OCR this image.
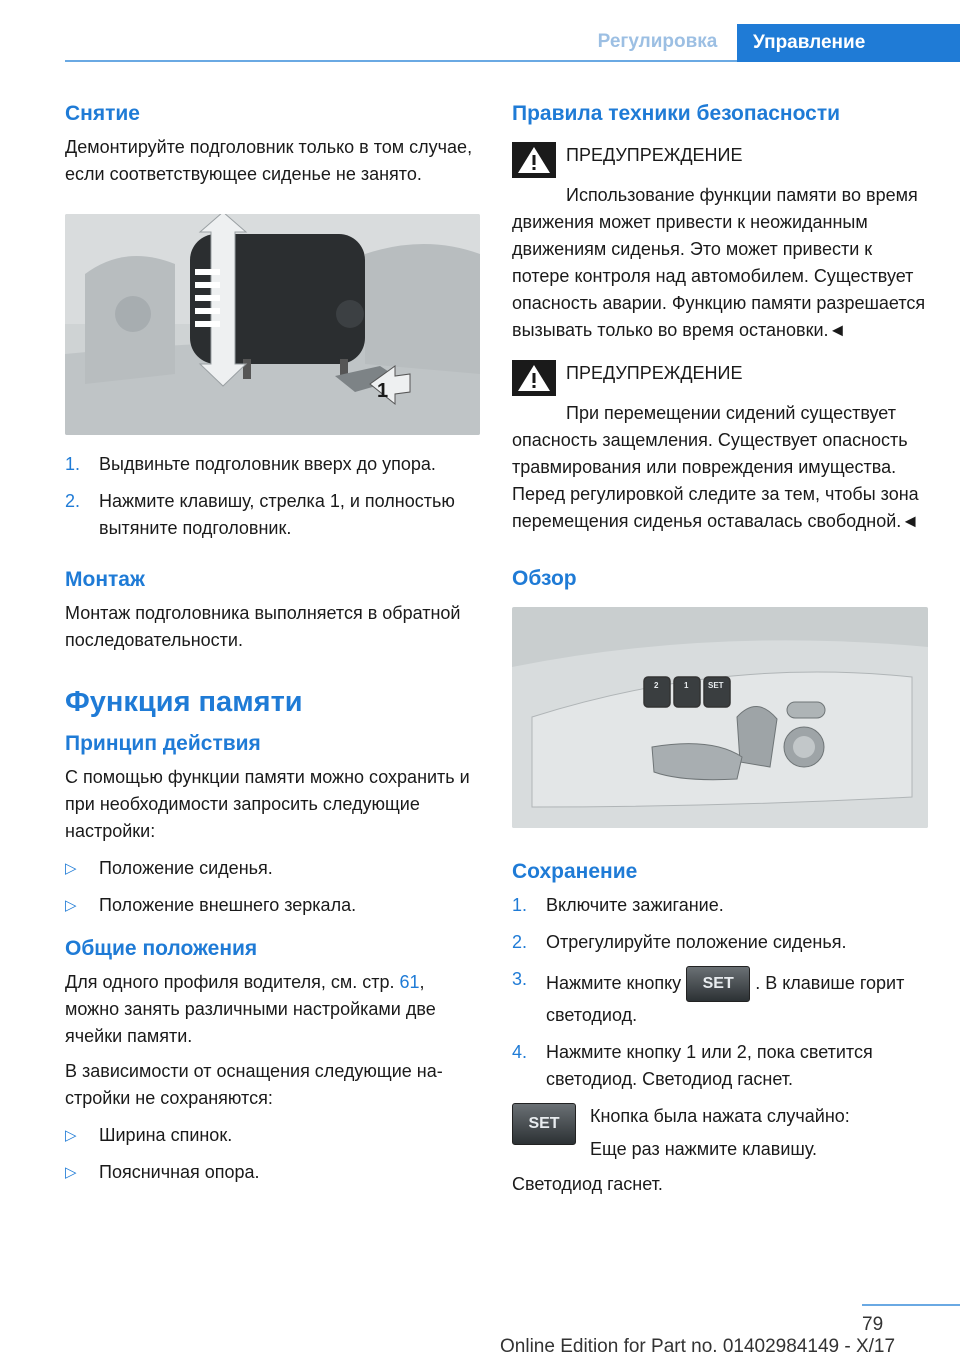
Регулировка	Управление
Снятие

Демонтируйте подголовник только в том случае, если соответствующее сиденье не занято.

1
1.	Выдвиньте подголовник вверх до упора.
2.	Нажмите клавишу, стрелка 1, и полностью вытяните подголовник.
Монтаж

Монтаж подголовника выполняется в обратной последовательности.

Функция памяти
Принцип действия

С помощью функции памяти можно сохранить и при необходимости запросить следующие настройки:

▷	Положение сиденья.
▷	Положение внешнего зеркала.
Общие положения

Для одного профиля водителя, см. стр. 61, можно занять различными настройками две ячейки памяти.

В зависимости от оснащения следующие настройки не сохраняются:

▷	Ширина спинок.
▷	Поясничная опора.
Правила техники безопасности

ПРЕДУПРЕЖДЕНИЕ

Использование функции памяти во время движения может привести к неожиданным движениям сиденья. Это может привести к потере контроля над автомобилем. Существует опасность аварии. Функцию памяти разрешается вызывать только во время остановки.◄

ПРЕДУПРЕЖДЕНИЕ

При перемещении сидений существует опасность защемления. Существует опасность травмирования или повреждения имущества. Перед регулировкой следите за тем, чтобы зона перемещения сиденья оставалась свободной.◄

Обзор
2	1 SET
Сохранение
1.	Включите зажигание.
2.	Отрегулируйте положение сиденья.
3.	Нажмите кнопку SET . В клавише горит светодиод.
4.	Нажмите кнопку 1 или 2, пока светится светодиод. Светодиод гаснет.
SET	Кнопка была нажата случайно:

Еще раз нажмите клавишу.

Светодиод гаснет.

79
Online Edition for Part no. 01402984149 - X/17
